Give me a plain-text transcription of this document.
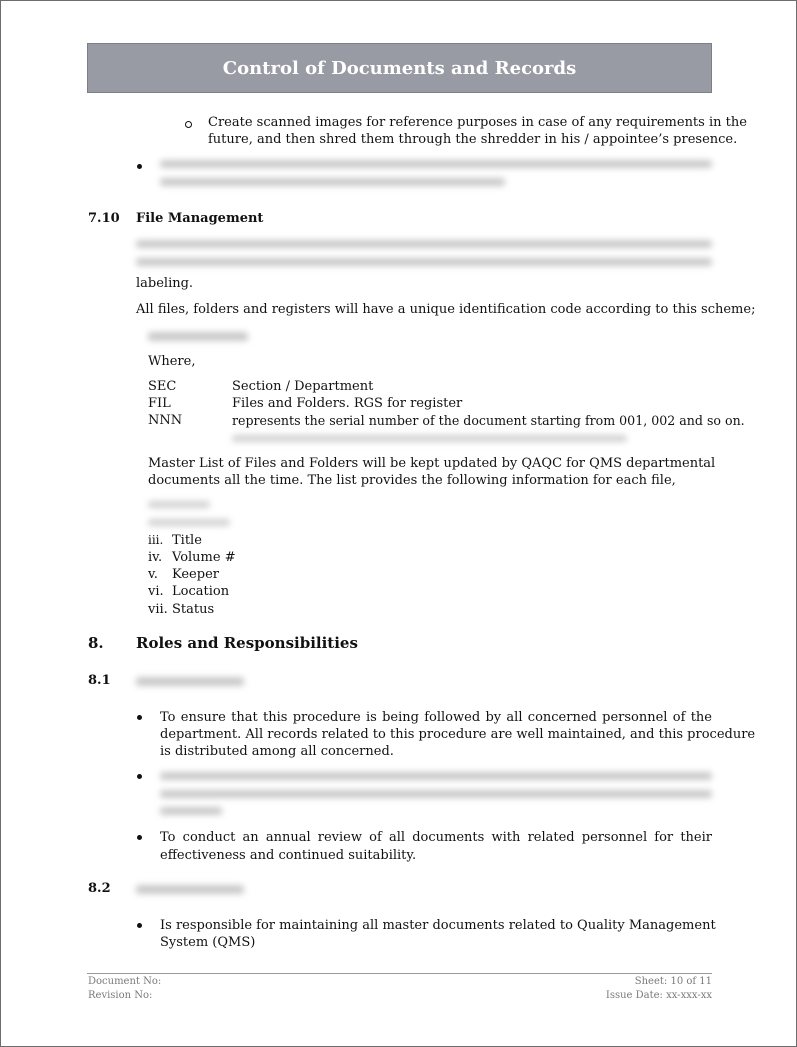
Control of Documents and Records
Create scanned images for reference purposes in case of any requirements in the
future, and then shred them through the shredder in his / appointee’s presence.
7.10 File Management
labeling.
All files, folders and registers will have a unique identification code according to this scheme;
Where,
SEC	Section / Department
FIL	Files and Folders. RGS for register
NNN	represents the serial number of the document starting from 001, 002 and so on.
Master List of Files and Folders will be kept updated by QAQC for QMS departmental
documents all the time. The list provides the following information for each file,
iii. Title
iv. Volume #
v. Keeper
vi. Location
vii. Status
8. Roles and Responsibilities
8.1
To ensure that this procedure is being followed by all concerned personnel of the
department. All records related to this procedure are well maintained, and this procedure
is distributed among all concerned.
To conduct an annual review of all documents with related personnel for their
effectiveness and continued suitability.
8.2
Is responsible for maintaining all master documents related to Quality Management
System (QMS)
Document No:
Revision No:
Sheet: 10 of 11
Issue Date: xx-xxx-xx
